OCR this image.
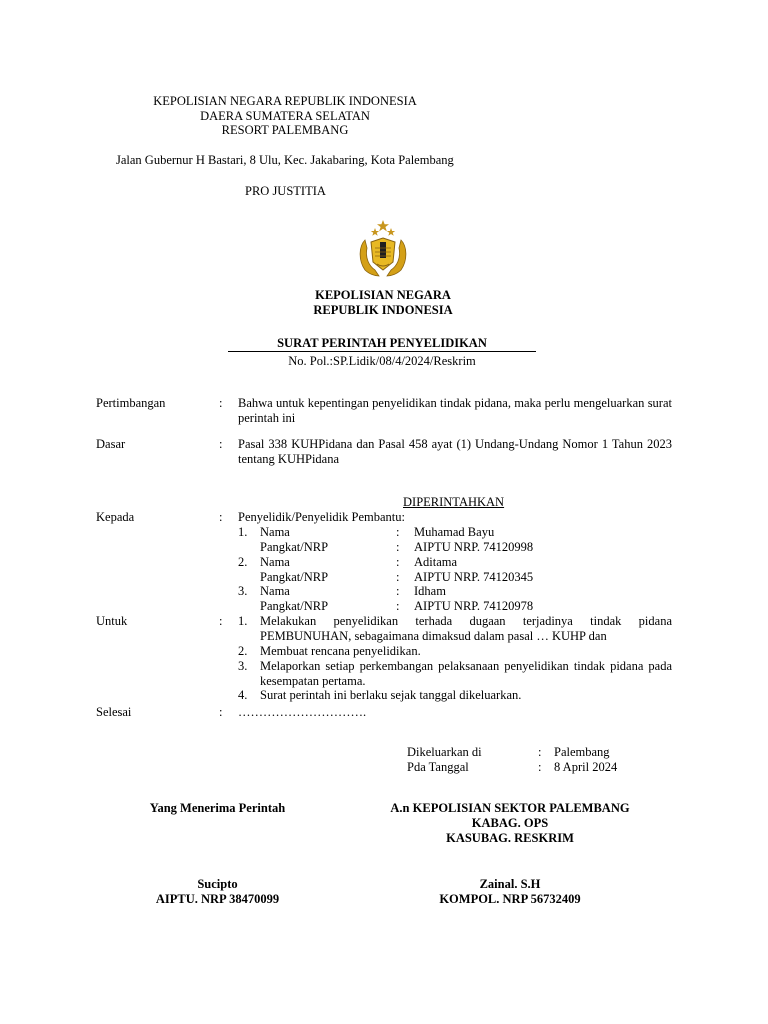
KEPOLISIAN NEGARA REPUBLIK INDONESIA
DAERA SUMATERA SELATAN
RESORT PALEMBANG
Jalan Gubernur H Bastari, 8 Ulu, Kec. Jakabaring, Kota Palembang
PRO JUSTITIA
KEPOLISIAN NEGARA
REPUBLIK INDONESIA
SURAT PERINTAH PENYELIDIKAN
No. Pol.:SP.Lidik/08/4/2024/Reskrim
Pertimbangan	: Bahwa untuk kepentingan penyelidikan tindak pidana, maka perlu mengeluarkan surat perintah ini
Dasar	: Pasal 338 KUHPidana dan Pasal 458 ayat (1) Undang-Undang Nomor 1 Tahun 2023 tentang KUHPidana
DIPERINTAHKAN
Kepada	: Penyelidik/Penyelidik Pembantu:
1. Nama	: Muhamad Bayu
Pangkat/NRP	: AIPTU NRP. 74120998
2. Nama	: Aditama
Pangkat/NRP	: AIPTU NRP. 74120345
3. Nama	: Idham
Pangkat/NRP	: AIPTU NRP. 74120978
Untuk	: 1. Melakukan penyelidikan terhada dugaan terjadinya tindak pidana PEMBUNUHAN, sebagaimana dimaksud dalam pasal … KUHP dan
2. Membuat rencana penyelidikan.
3. Melaporkan setiap perkembangan pelaksanaan penyelidikan tindak pidana pada kesempatan pertama.
4. Surat perintah ini berlaku sejak tanggal dikeluarkan.
Selesai	: ………………………….
Dikeluarkan di	: Palembang
Pda Tanggal	: 8 April 2024
Yang Menerima Perintah	A.n KEPOLISIAN SEKTOR PALEMBANG
KABAG. OPS
KASUBAG. RESKRIM
Sucipto
AIPTU. NRP 38470099
Zainal. S.H
KOMPOL. NRP 56732409
